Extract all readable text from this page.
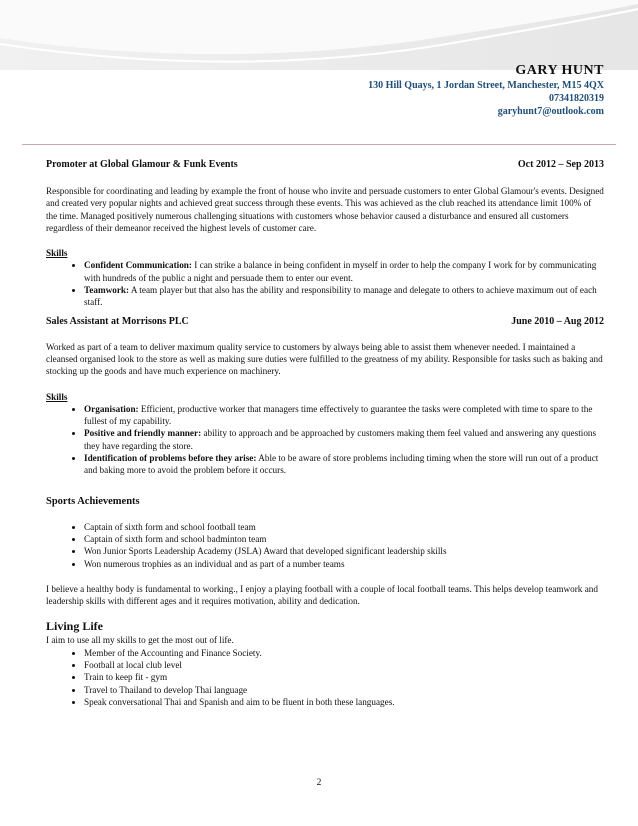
GARY HUNT
130 Hill Quays, 1 Jordan Street, Manchester, M15 4QX
07341820319
garyhunt7@outlook.com
Promoter at Global Glamour & Funk Events	Oct 2012 – Sep 2013

Responsible for coordinating and leading by example the front of house who invite and persuade customers to enter Global Glamour's events. Designed and created very popular nights and achieved great success through these events. This was achieved as the club reached its attendance limit 100% of the time. Managed positively numerous challenging situations with customers whose behavior caused a disturbance and ensured all customers regardless of their demeanor received the highest levels of customer care.

Skills

• Confident Communication: I can strike a balance in being confident in myself in order to help the company I work for by communicating with hundreds of the public a night and persuade them to enter our event.
• Teamwork: A team player but that also has the ability and responsibility to manage and delegate to others to achieve maximum out of each staff.
Sales Assistant at Morrisons PLC	June 2010 – Aug 2012

Worked as part of a team to deliver maximum quality service to customers by always being able to assist them whenever needed. I maintained a cleansed organised look to the store as well as making sure duties were fulfilled to the greatness of my ability. Responsible for tasks such as baking and stocking up the goods and have much experience on machinery.

Skills

• Organisation: Efficient, productive worker that managers time effectively to guarantee the tasks were completed with time to spare to the fullest of my capability.
• Positive and friendly manner: ability to approach and be approached by customers making them feel valued and answering any questions they have regarding the store.
• Identification of problems before they arise: Able to be aware of store problems including timing when the store will run out of a product and baking more to avoid the problem before it occurs.

Sports Achievements

• Captain of sixth form and school football team
• Captain of sixth form and school badminton team
• Won Junior Sports Leadership Academy (JSLA) Award that developed significant leadership skills
• Won numerous trophies as an individual and as part of a number teams

I believe a healthy body is fundamental to working., I enjoy a playing football with a couple of local football teams. This helps develop teamwork and leadership skills with different ages and it requires motivation, ability and dedication.

Living Life

I aim to use all my skills to get the most out of life.

• Member of the Accounting and Finance Society.
• Football at local club level
• Train to keep fit - gym
• Travel to Thailand to develop Thai language
• Speak conversational Thai and Spanish and aim to be fluent in both these languages.
2
